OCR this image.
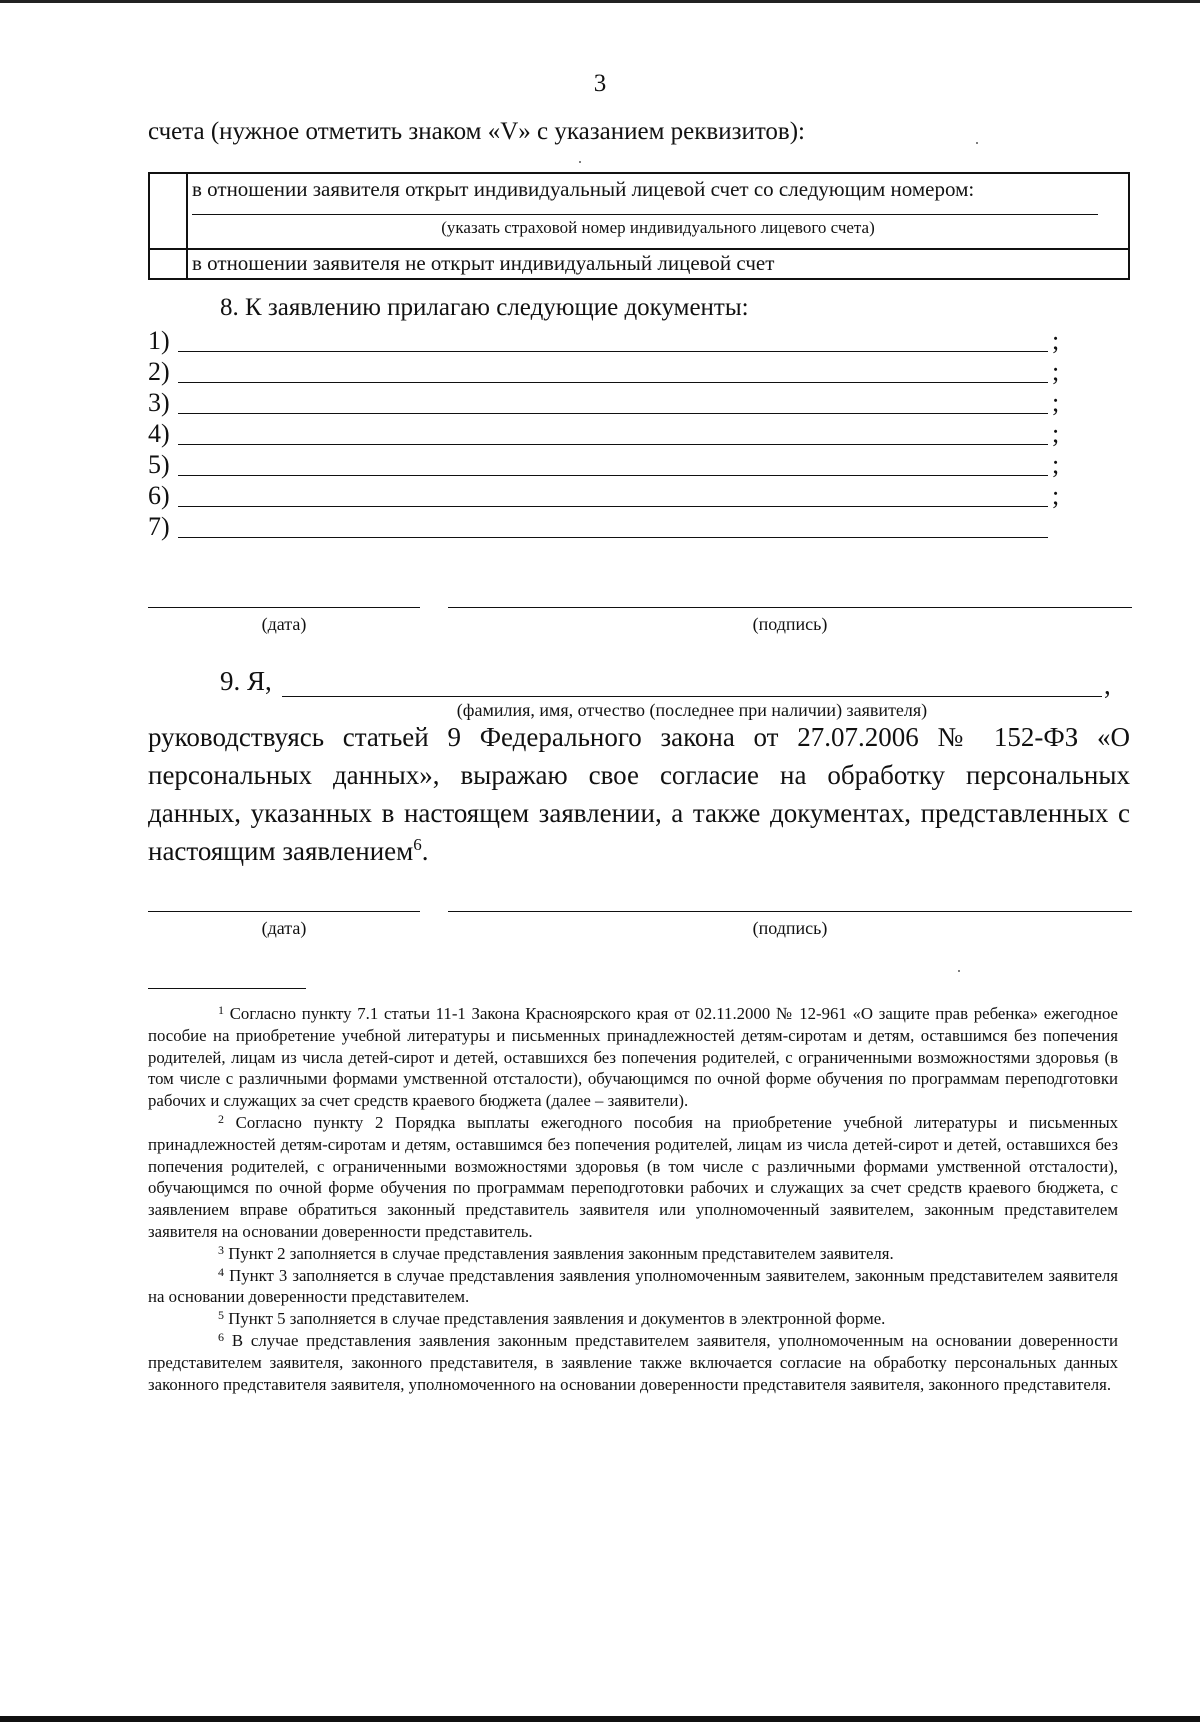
3
счета (нужное отметить знаком «V» с указанием реквизитов):

	в отношении заявителя открыт индивидуальный лицевой счет со следующим номером:
(указать страховой номер индивидуального лицевого счета)

	в отношении заявителя не открыт индивидуальный лицевой счет
8. К заявлению прилагаю следующие документы:
1)	;
2)	;
3)	;
4)	;
5)	;
6)	;
7)
(дата)	(подпись)
9. Я,	,
(фамилия, имя, отчество (последнее при наличии) заявителя)
руководствуясь статьей 9 Федерального закона от 27.07.2006 № 152-ФЗ «О персональных данных», выражаю свое согласие на обработку персональных данных, указанных в настоящем заявлении, а также документах, представленных с настоящим заявлением$^6$.
(дата)	(подпись)

$^1$ Согласно пункту 7.1 статьи 11-1 Закона Красноярского края от 02.11.2000 № 12-961 «О защите прав ребенка» ежегодное пособие на приобретение учебной литературы и письменных принадлежностей детям-сиротам и детям, оставшимся без попечения родителей, лицам из числа детей-сирот и детей, оставшихся без попечения родителей, с ограниченными возможностями здоровья (в том числе с различными формами умственной отсталости), обучающимся по очной форме обучения по программам переподготовки рабочих и служащих за счет средств краевого бюджета (далее – заявители).

$^2$ Согласно пункту 2 Порядка выплаты ежегодного пособия на приобретение учебной литературы и письменных принадлежностей детям-сиротам и детям, оставшимся без попечения родителей, лицам из числа детей-сирот и детей, оставшихся без попечения родителей, с ограниченными возможностями здоровья (в том числе с различными формами умственной отсталости), обучающимся по очной форме обучения по программам переподготовки рабочих и служащих за счет средств краевого бюджета, с заявлением вправе обратиться законный представитель заявителя или уполномоченный заявителем, законным представителем заявителя на основании доверенности представитель.

$^3$ Пункт 2 заполняется в случае представления заявления законным представителем заявителя.

$^4$ Пункт 3 заполняется в случае представления заявления уполномоченным заявителем, законным представителем заявителя на основании доверенности представителем.

$^5$ Пункт 5 заполняется в случае представления заявления и документов в электронной форме.

$^6$ В случае представления заявления законным представителем заявителя, уполномоченным на основании доверенности представителем заявителя, законного представителя, в заявление также включается согласие на обработку персональных данных законного представителя заявителя, уполномоченного на основании доверенности представителя заявителя, законного представителя.
